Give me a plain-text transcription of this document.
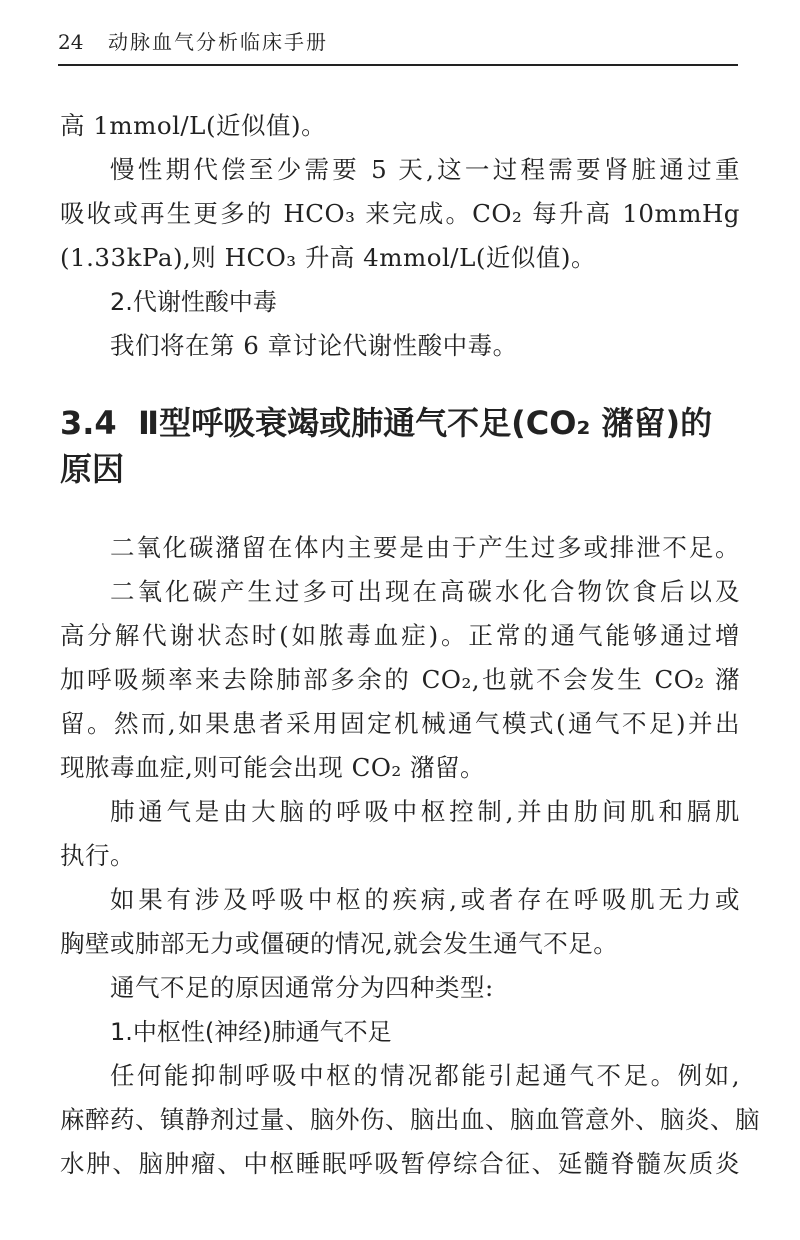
24 动脉血气分析临床手册

高 1mmol/L(近似值)。

慢性期代偿至少需要 5 天,这一过程需要肾脏通过重

吸收或再生更多的 HCO₃ 来完成。CO₂ 每升高 10mmHg

(1.33kPa),则 HCO₃ 升高 4mmol/L(近似值)。

2.代谢性酸中毒

我们将在第 6 章讨论代谢性酸中毒。

3.4 Ⅱ型呼吸衰竭或肺通气不足(CO₂ 潴留)的
原因

二氧化碳潴留在体内主要是由于产生过多或排泄不足。

二氧化碳产生过多可出现在高碳水化合物饮食后以及

高分解代谢状态时(如脓毒血症)。正常的通气能够通过增

加呼吸频率来去除肺部多余的 CO₂,也就不会发生 CO₂ 潴

留。然而,如果患者采用固定机械通气模式(通气不足)并出

现脓毒血症,则可能会出现 CO₂ 潴留。

肺通气是由大脑的呼吸中枢控制,并由肋间肌和膈肌

执行。

如果有涉及呼吸中枢的疾病,或者存在呼吸肌无力或

胸壁或肺部无力或僵硬的情况,就会发生通气不足。

通气不足的原因通常分为四种类型:

1.中枢性(神经)肺通气不足

任何能抑制呼吸中枢的情况都能引起通气不足。例如,

麻醉药、镇静剂过量、脑外伤、脑出血、脑血管意外、脑炎、脑

水肿、脑肿瘤、中枢睡眠呼吸暂停综合征、延髓脊髓灰质炎
